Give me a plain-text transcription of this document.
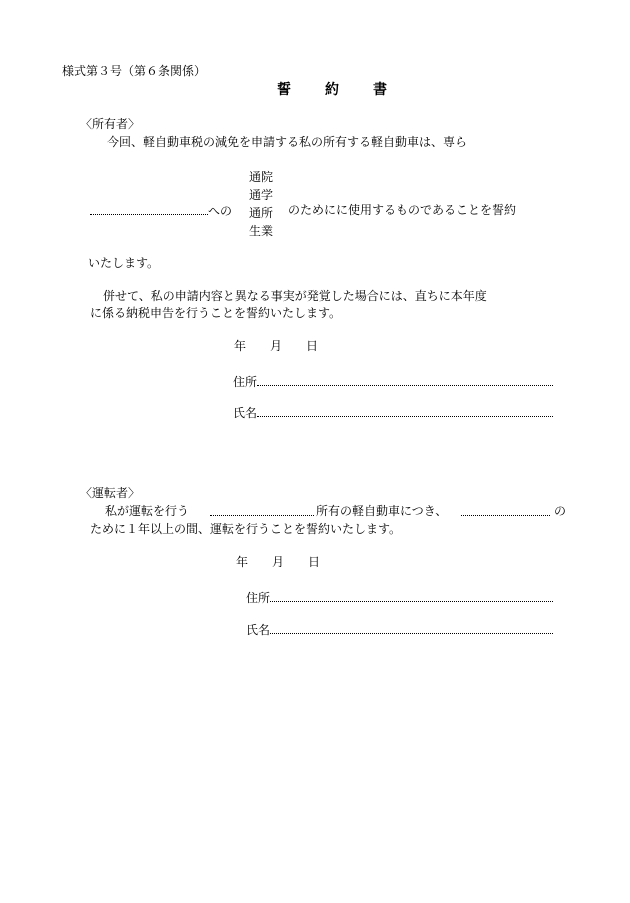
様式第３号（第６条関係）
誓　約　書
〈所有者〉
今回、軽自動車税の減免を申請する私の所有する軽自動車は、専ら
通院
通学
通所
生業
への	のためにに使用するものであることを誓約
いたします。
併せて、私の申請内容と異なる事実が発覚した場合には、直ちに本年度
に係る納税申告を行うことを誓約いたします。
年　　月　　日
住所
氏名
〈運転者〉
私が運転を行う	所有の軽自動車につき、	の
ために１年以上の間、運転を行うことを誓約いたします。
年　　月　　日
住所
氏名
